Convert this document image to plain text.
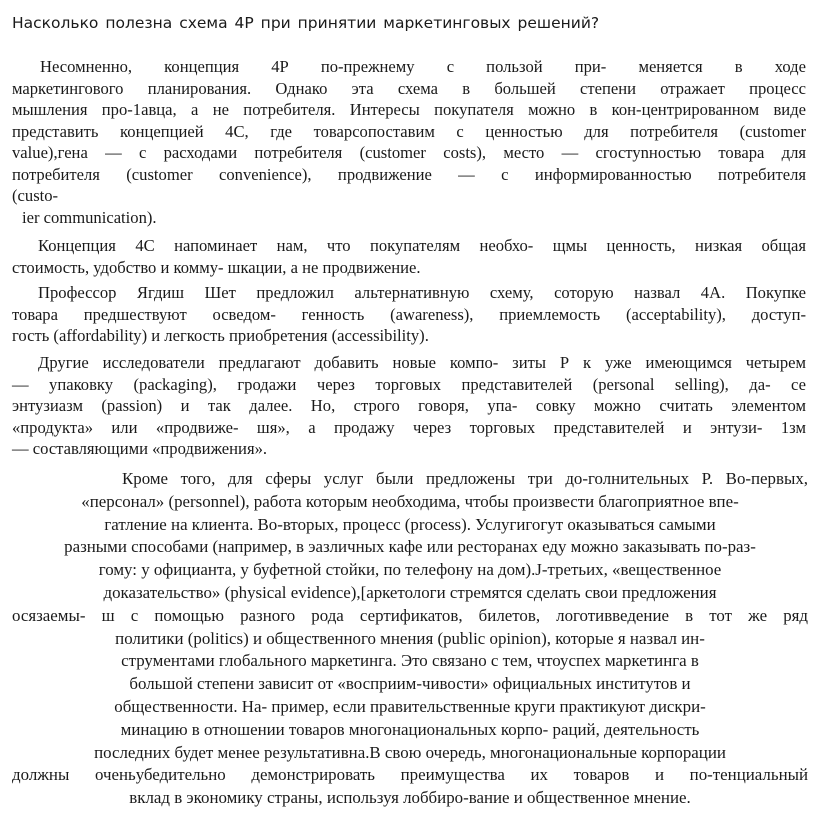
Насколько полезна схема 4Р при принятии маркетинговых решений?
Несомненно, концепция 4Р по-прежнему с пользой при- меняется в ходе
маркетингового планирования. Однако эта схема в большей степени отражает процесс
мышления про-1авца, а не потребителя. Интересы покупателя можно в кон-центрированном виде
представить концепцией 4С, где товарсопоставим с ценностью для потребителя (customer
value),гена — с расходами потребителя (customer costs), место — сгостуnностью товара для
потребителя (customer convenience), продвижение — с информированностью потребителя
(custo-
ier communication).
Концепция 4С напоминает нам, что покупателям необхо- щмы ценность, низкая общая
стоимость, удобство и комму- шкации, а не продвижение.
Профессор Ягдиш Шет предложил альтернативную схему, соторую назвал 4А. Покупке
товара предшествуют осведом- генность (awareness), приемлемость (acceptability), доступ-
гость (affordability) и легкость приобретения (accessibility).
Другие исследователи предлагают добавить новые компо- зиты Р к уже имеющимся четырем
— упаковку (packaging), гродажи через торговых представителей (personal selling), да- се
энтузиазм (passion) и так далее. Но, строго говоря, упа- совку можно считать элементом
«продукта» или «продвиже- шя», а продажу через торговых представителей и энтузи- 1зм
— составляющими «продвижения».
Кроме того, для сферы услуг были предложены три до-голнительных Р. Во-первых,
«персонал» (personnel), работа которым необходима, чтобы произвести благоприятное впе-
гатление на клиента. Во-вторых, процесс (process). Услугигогут оказываться самыми
разными способами (например, в эазличных кафе или ресторанах еду можно заказывать по-раз-
гому: у официанта, у буфетной стойки, по телефону на дом).J-третьих, «вещественное
доказательство» (physical evidence),[аркетологи стремятся сделать свои предложения
осязаемы- ш с помощью разного рода сертификатов, билетов, логотивведение в тот же ряд
политики (politics) и общественного мнения (public opinion), которые я назвал ин-
струментами глобального маркетинга. Это связано с тем, чтоуспех маркетинга в
большой степени зависит от «восприим-чивости» официальных институтов и
общественности. На- пример, если правительственные круги практикуют дискри-
минацию в отношении товаров многонациональных корпо- раций, деятельность
последних будет менее результативна.В свою очередь, многонациональные корпорации
должны оченьубедительно демонстрировать преимущества их товаров и по-тенциальный
вклад в экономику страны, используя лоббиро-вание и общественное мнение.
